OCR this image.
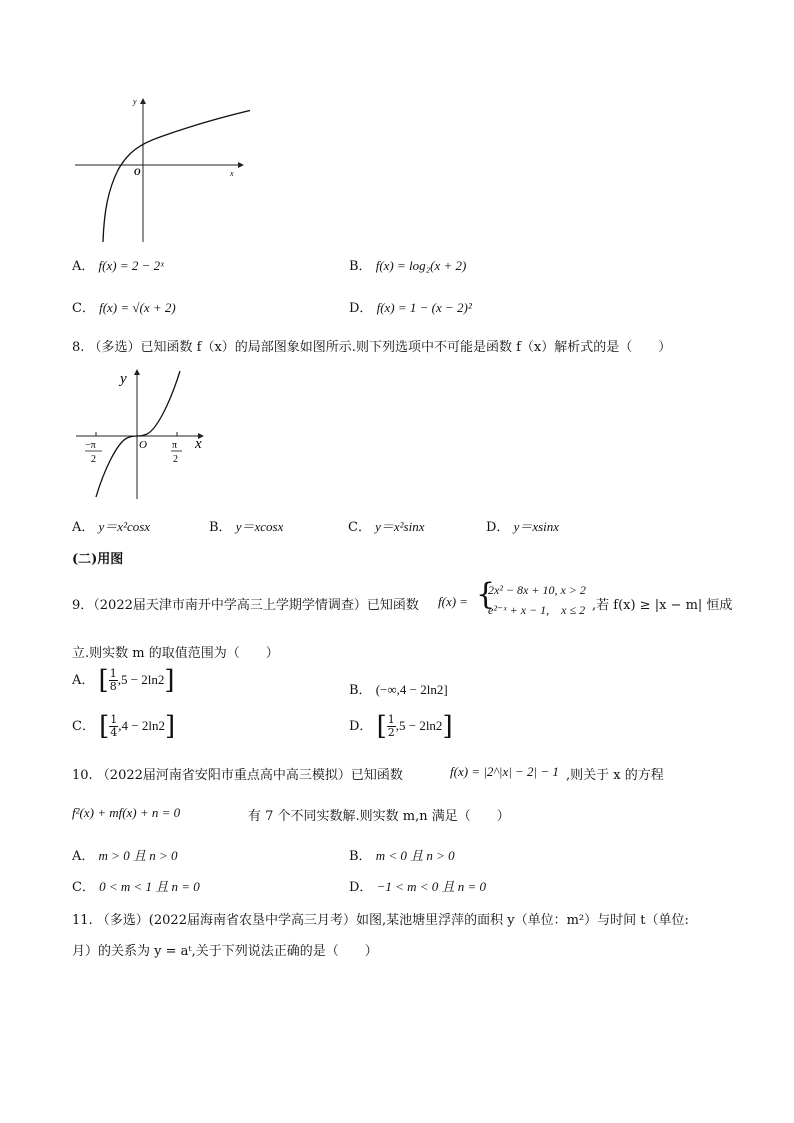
y
x
O
A． f(x) = 2 − 2ˣ	B． f(x) = log₂(x + 2)
C． f(x) = √(x + 2)	D． f(x) = 1 − (x − 2)²
8. （多选）已知函数 f（x）的局部图象如图所示.则下列选项中不可能是函数 f（x）解析式的是（　　）
y
x
O
−π
2
π
2
A． y＝x²cosx	B． y＝xcosx	C． y＝x²sinx	D． y＝xsinx
(二)用图
9．（2022届天津市南开中学高三上学期学情调查）已知函数 f(x) = {
2x² − 8x + 10, x > 2
e²⁻ˣ + x − 1,　x ≤ 2 ,若 f(x) ≥ |x − m| 恒成
立.则实数 m 的取值范围为（　　）
A． [ $\frac{1}{8} ,5 - 2\ln 2$]	B． (−∞,4 − 2ln2]
C． [ $\frac{1}{4} ,4 - 2\ln 2$]	D． [ $\frac{1}{2} ,5 - 2\ln 2$]
10. （2022届河南省安阳市重点高中高三模拟）已知函数	f(x) = |2^|x| − 2| − 1 ,则关于 x 的方程
f²(x) + mf(x) + n = 0	有 7 个不同实数解.则实数 m,n 满足（　　）
A． m > 0 且 n > 0	B． m < 0 且 n > 0
C． 0 < m < 1 且 n = 0	D． −1 < m < 0 且 n = 0
11. （多选）(2022届海南省农垦中学高三月考）如图,某池塘里浮萍的面积 y（单位：m²）与时间 t（单位:
月）的关系为 y = aᵗ,关于下列说法正确的是（　　）
